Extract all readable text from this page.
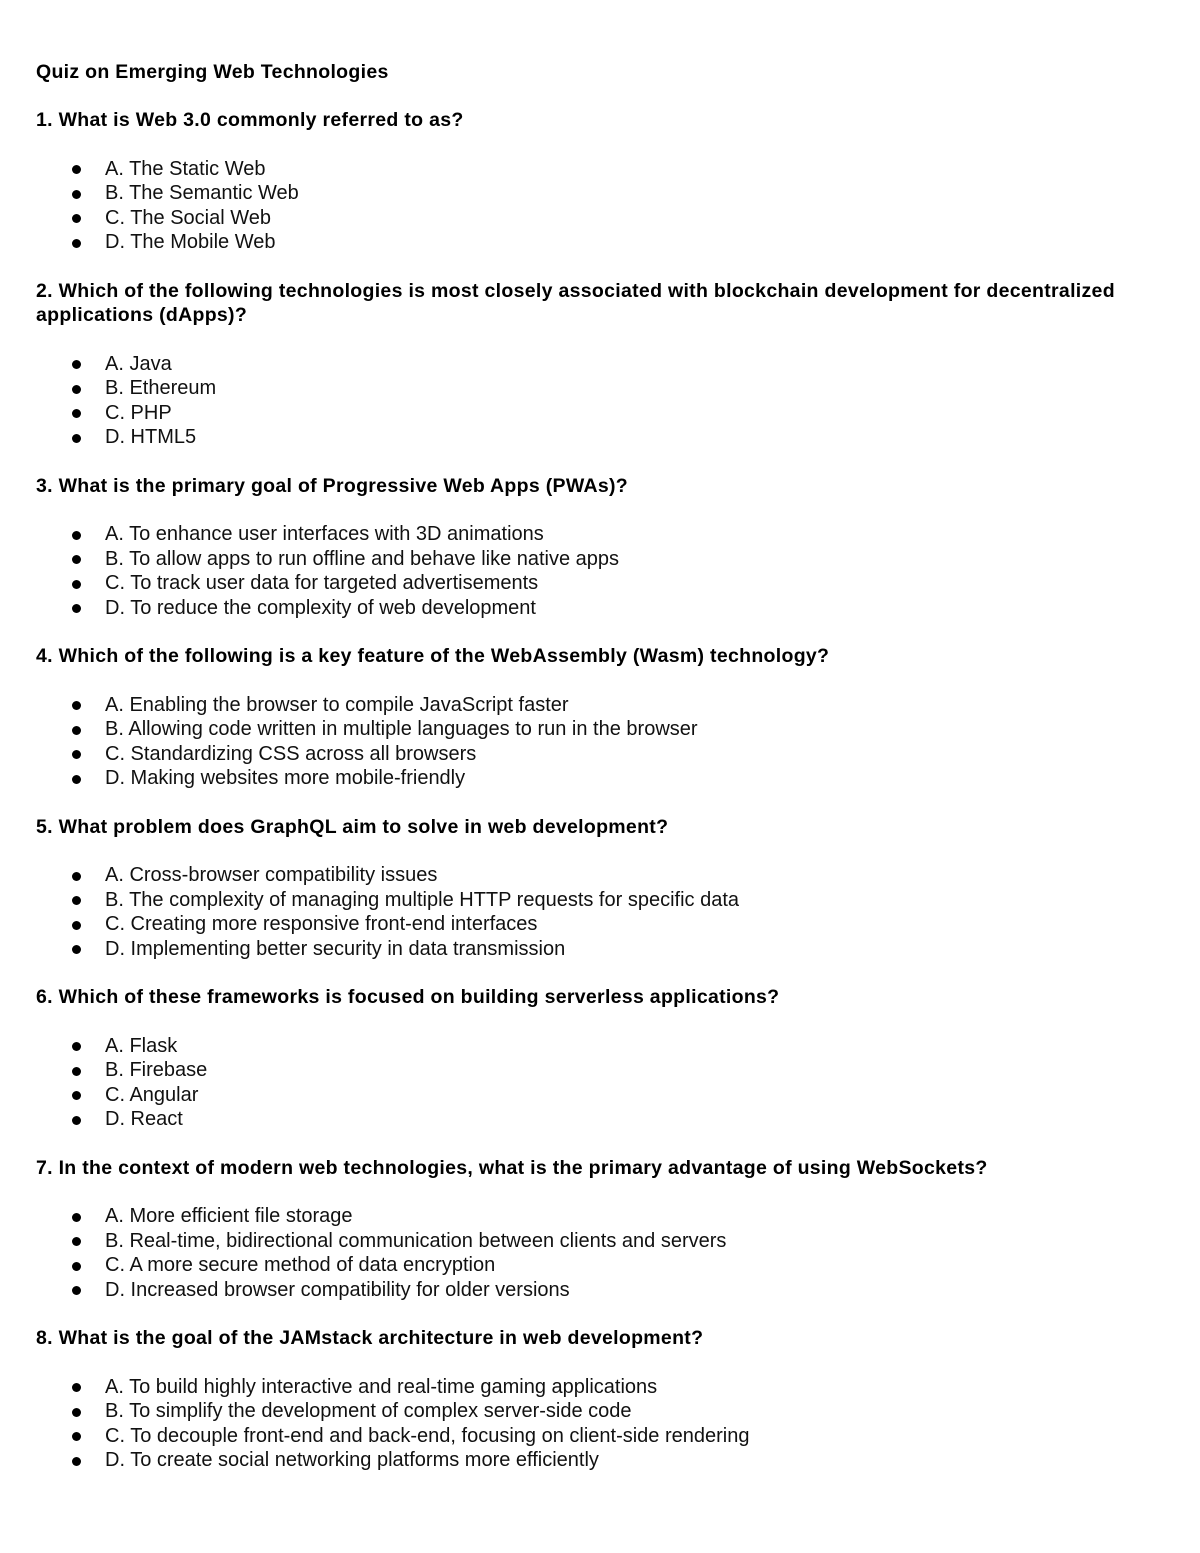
Quiz on Emerging Web Technologies
1. What is Web 3.0 commonly referred to as?
A. The Static Web
B. The Semantic Web
C. The Social Web
D. The Mobile Web
2. Which of the following technologies is most closely associated with blockchain development for decentralized applications (dApps)?
A. Java
B. Ethereum
C. PHP
D. HTML5
3. What is the primary goal of Progressive Web Apps (PWAs)?
A. To enhance user interfaces with 3D animations
B. To allow apps to run offline and behave like native apps
C. To track user data for targeted advertisements
D. To reduce the complexity of web development
4. Which of the following is a key feature of the WebAssembly (Wasm) technology?
A. Enabling the browser to compile JavaScript faster
B. Allowing code written in multiple languages to run in the browser
C. Standardizing CSS across all browsers
D. Making websites more mobile-friendly
5. What problem does GraphQL aim to solve in web development?
A. Cross-browser compatibility issues
B. The complexity of managing multiple HTTP requests for specific data
C. Creating more responsive front-end interfaces
D. Implementing better security in data transmission
6. Which of these frameworks is focused on building serverless applications?
A. Flask
B. Firebase
C. Angular
D. React
7. In the context of modern web technologies, what is the primary advantage of using WebSockets?
A. More efficient file storage
B. Real-time, bidirectional communication between clients and servers
C. A more secure method of data encryption
D. Increased browser compatibility for older versions
8. What is the goal of the JAMstack architecture in web development?
A. To build highly interactive and real-time gaming applications
B. To simplify the development of complex server-side code
C. To decouple front-end and back-end, focusing on client-side rendering
D. To create social networking platforms more efficiently
